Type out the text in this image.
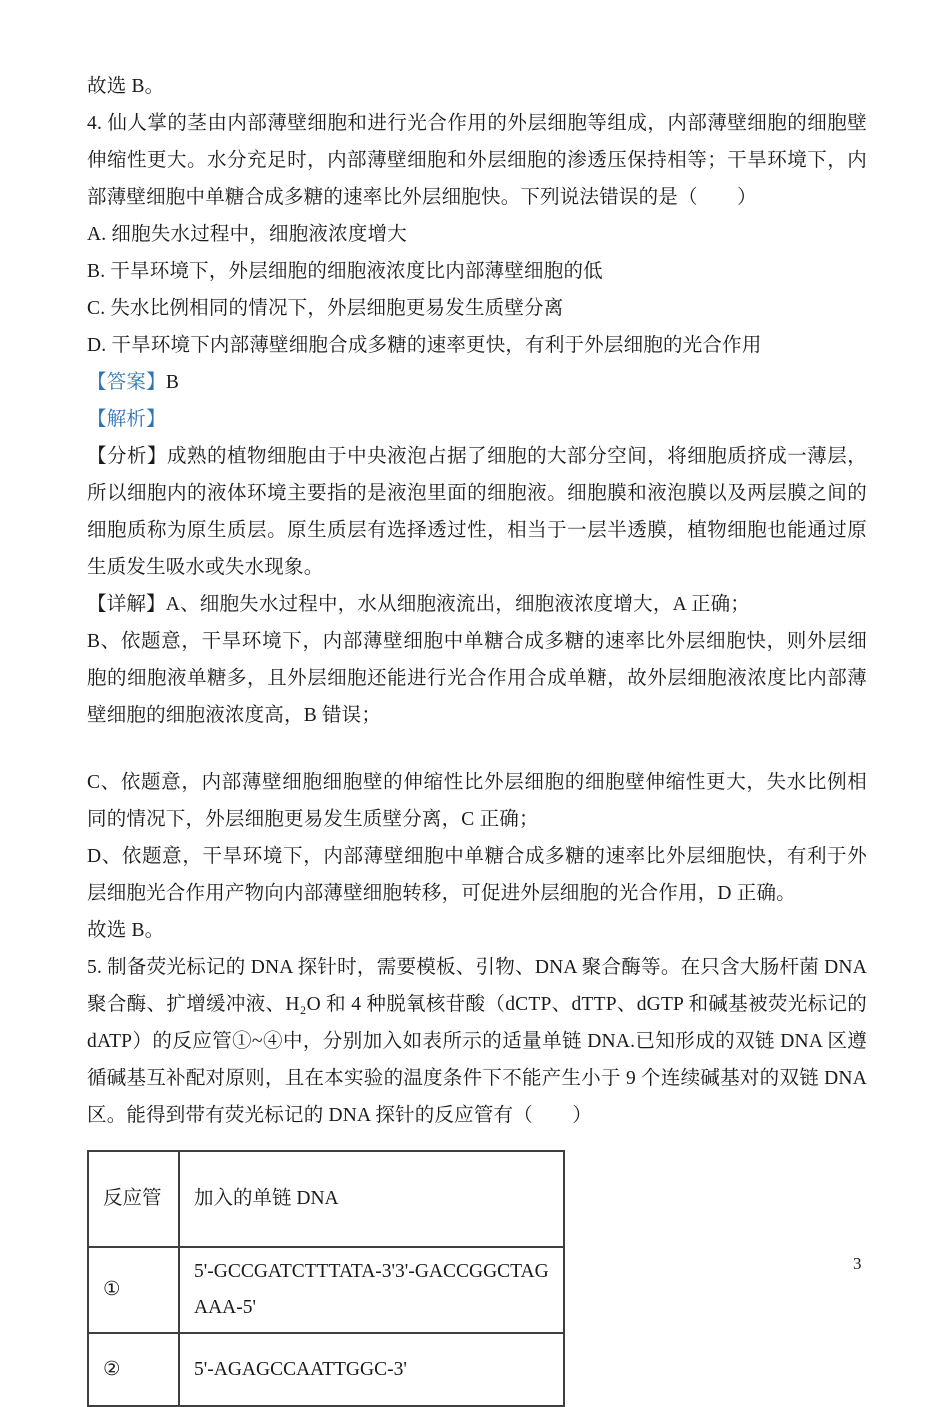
故选 B。

4. 仙人掌的茎由内部薄壁细胞和进行光合作用的外层细胞等组成，内部薄壁细胞的细胞壁伸缩性更大。水分充足时，内部薄壁细胞和外层细胞的渗透压保持相等；干旱环境下，内部薄壁细胞中单糖合成多糖的速率比外层细胞快。下列说法错误的是（　　）

A. 细胞失水过程中，细胞液浓度增大

B. 干旱环境下，外层细胞的细胞液浓度比内部薄壁细胞的低

C. 失水比例相同的情况下，外层细胞更易发生质壁分离

D. 干旱环境下内部薄壁细胞合成多糖的速率更快，有利于外层细胞的光合作用

【答案】B

【解析】

【分析】成熟的植物细胞由于中央液泡占据了细胞的大部分空间，将细胞质挤成一薄层，所以细胞内的液体环境主要指的是液泡里面的细胞液。细胞膜和液泡膜以及两层膜之间的细胞质称为原生质层。原生质层有选择透过性，相当于一层半透膜，植物细胞也能通过原生质发生吸水或失水现象。

【详解】A、细胞失水过程中，水从细胞液流出，细胞液浓度增大，A 正确；

B、依题意，干旱环境下，内部薄壁细胞中单糖合成多糖的速率比外层细胞快，则外层细胞的细胞液单糖多，且外层细胞还能进行光合作用合成单糖，故外层细胞液浓度比内部薄壁细胞的细胞液浓度高，B 错误；

C、依题意，内部薄壁细胞细胞壁的伸缩性比外层细胞的细胞壁伸缩性更大，失水比例相同的情况下，外层细胞更易发生质壁分离，C 正确；

D、依题意，干旱环境下，内部薄壁细胞中单糖合成多糖的速率比外层细胞快，有利于外层细胞光合作用产物向内部薄壁细胞转移，可促进外层细胞的光合作用，D 正确。

故选 B。

5. 制备荧光标记的 DNA 探针时，需要模板、引物、DNA 聚合酶等。在只含大肠杆菌 DNA 聚合酶、扩增缓冲液、H₂O 和 4 种脱氧核苷酸（dCTP、dTTP、dGTP 和碱基被荧光标记的 dATP）的反应管①~④中，分别加入如表所示的适量单链 DNA.已知形成的双链 DNA 区遵循碱基互补配对原则，且在本实验的温度条件下不能产生小于 9 个连续碱基对的双链 DNA 区。能得到带有荧光标记的 DNA 探针的反应管有（　　）

反应管	加入的单链 DNA
①	5'-GCCGATCTTTATA-3'3'-GACCGGCTAGAAA-5'
②	5'-AGAGCCAATTGGC-3'
3
